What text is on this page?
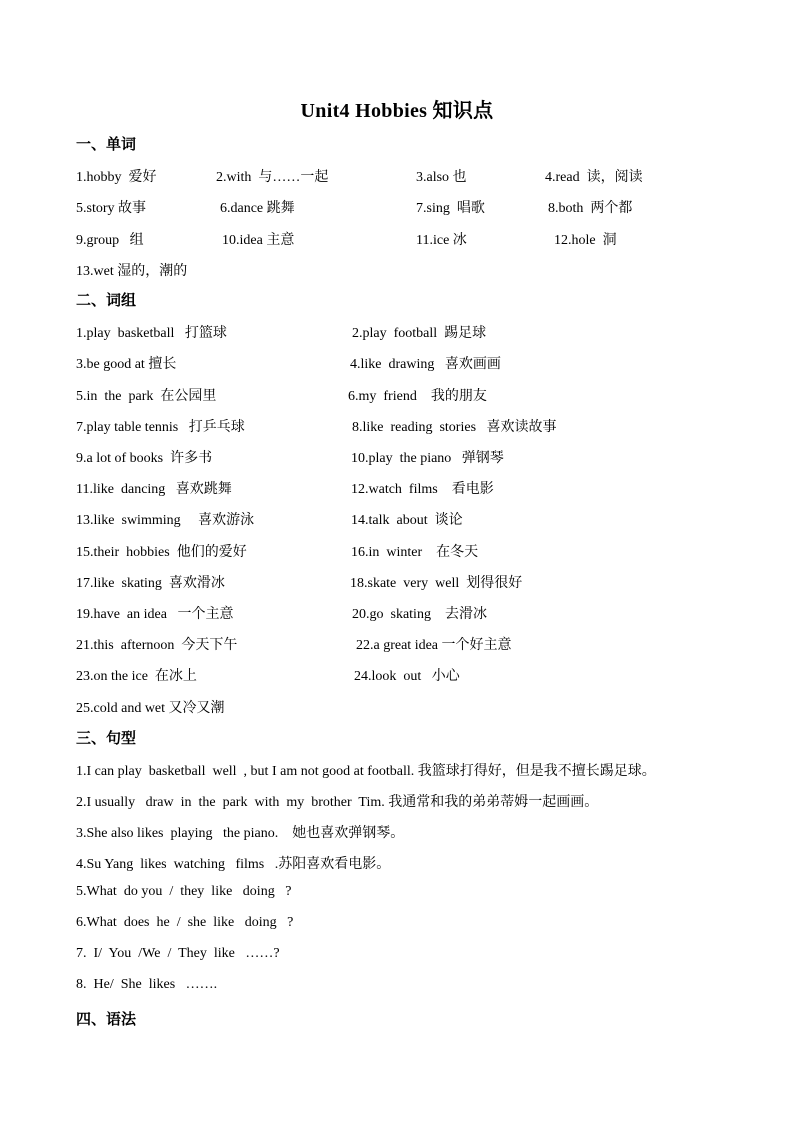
Unit4 Hobbies 知识点
一、单词
1.hobby  爱好	2.with  与……一起	3.also 也	4.read  读，阅读
5.story 故事	6.dance 跳舞	7.sing  唱歌	8.both  两个都
9.group   组	10.idea 主意	11.ice 冰	12.hole  洞
13.wet 湿的，潮的
二、词组
1.play  basketball   打篮球	2.play  football  踢足球
3.be good at 擅长	4.like  drawing   喜欢画画
5.in  the  park  在公园里	6.my  friend    我的朋友
7.play table tennis   打乒乓球	8.like  reading  stories   喜欢读故事
9.a lot of books  许多书	10.play  the piano   弹钢琴
11.like  dancing   喜欢跳舞	12.watch  films    看电影
13.like  swimming     喜欢游泳	14.talk  about  谈论
15.their  hobbies  他们的爱好	16.in  winter    在冬天
17.like  skating  喜欢滑冰	18.skate  very  well  划得很好
19.have  an idea   一个主意	20.go  skating    去滑冰
21.this  afternoon  今天下午	22.a great idea 一个好主意
23.on the ice  在冰上	24.look  out   小心
25.cold and wet 又冷又潮
三、句型
1.I can play  basketball  well  , but I am not good at football. 我篮球打得好，但是我不擅长踢足球。
2.I usually   draw  in  the  park  with  my  brother  Tim. 我通常和我的弟弟蒂姆一起画画。
3.She also likes  playing   the piano.    她也喜欢弹钢琴。
4.Su Yang  likes  watching   films   .苏阳喜欢看电影。
5.What  do you  /  they  like   doing   ?
6.What  does  he  /  she  like   doing   ?
7.  I/  You  /We  /  They  like   ……?
8.  He/  She  likes   …….
四、语法
